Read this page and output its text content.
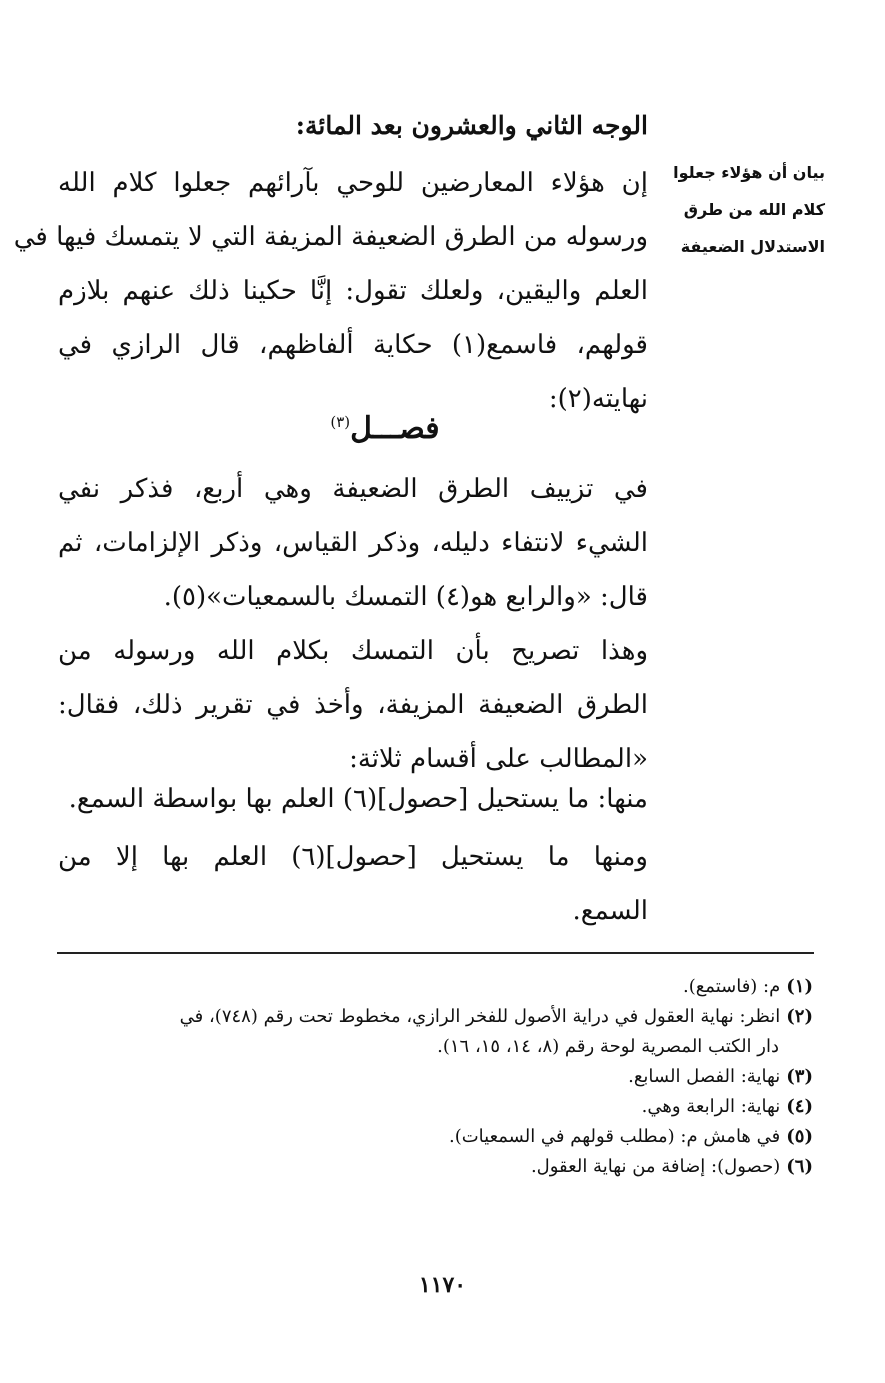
الوجه الثاني والعشرون بعد المائة:
بيان أن هؤلاء جعلوا
كلام الله من طرق
الاستدلال الضعيفة
إن هؤلاء المعارضين للوحي بآرائهم جعلوا كلام الله
ورسوله من الطرق الضعيفة المزيفة التي لا يتمسك فيها في
العلم واليقين، ولعلك تقول: إنَّا حكينا ذلك عنهم بلازم
قولهم، فاسمع(١) حكاية ألفاظهم، قال الرازي في
نهايته(٢):
فصـــل$^{(٣)}$
في تزييف الطرق الضعيفة وهي أربع، فذكر نفي
الشيء لانتفاء دليله، وذكر القياس، وذكر الإلزامات، ثم
قال: «والرابع هو(٤) التمسك بالسمعيات»(٥).
وهذا تصريح بأن التمسك بكلام الله ورسوله من
الطرق الضعيفة المزيفة، وأخذ في تقرير ذلك، فقال:
«المطالب على أقسام ثلاثة:
منها: ما يستحيل [حصول](٦) العلم بها بواسطة السمع.
ومنها ما يستحيل [حصول](٦) العلم بها إلا من
السمع.
(١)م: (فاستمع).
(٢)انظر: نهاية العقول في دراية الأصول للفخر الرازي، مخطوط تحت رقم (٧٤٨)، في
دار الكتب المصرية لوحة رقم (٨، ١٤، ١٥، ١٦).
(٣)نهاية: الفصل السابع.
(٤)نهاية: الرابعة وهي.
(٥)في هامش م: (مطلب قولهم في السمعيات).
(٦)(حصول): إضافة من نهاية العقول.
١١٧٠
